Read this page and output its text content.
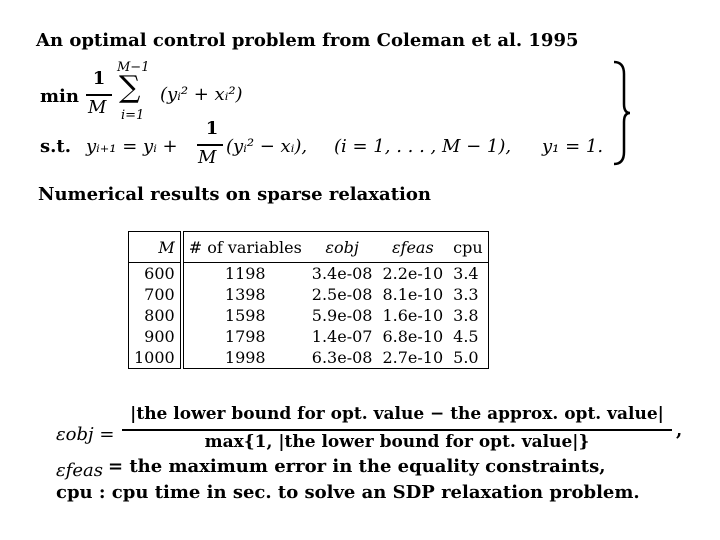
An optimal control problem from Coleman et al. 1995
min
1
M
M−1
∑
i=1
(yᵢ² + xᵢ²)
s.t. yᵢ₊₁ = yᵢ +
1
M
(yᵢ² − xᵢ), (i = 1, . . . , M − 1), y₁ = 1.
Numerical results on sparse relaxation
M	# of variables	εobj	εfeas	cpu
600	1198	3.4e-08	2.2e-10	3.4
700	1398	2.5e-08	8.1e-10	3.3
800	1598	5.9e-08	1.6e-10	3.8
900	1798	1.4e-07	6.8e-10	4.5
1000	1998	6.3e-08	2.7e-10	5.0
εobj =
|the lower bound for opt. value − the approx. opt. value|
max{1, |the lower bound for opt. value|}
,
εfeas = the maximum error in the equality constraints,
cpu : cpu time in sec. to solve an SDP relaxation problem.
